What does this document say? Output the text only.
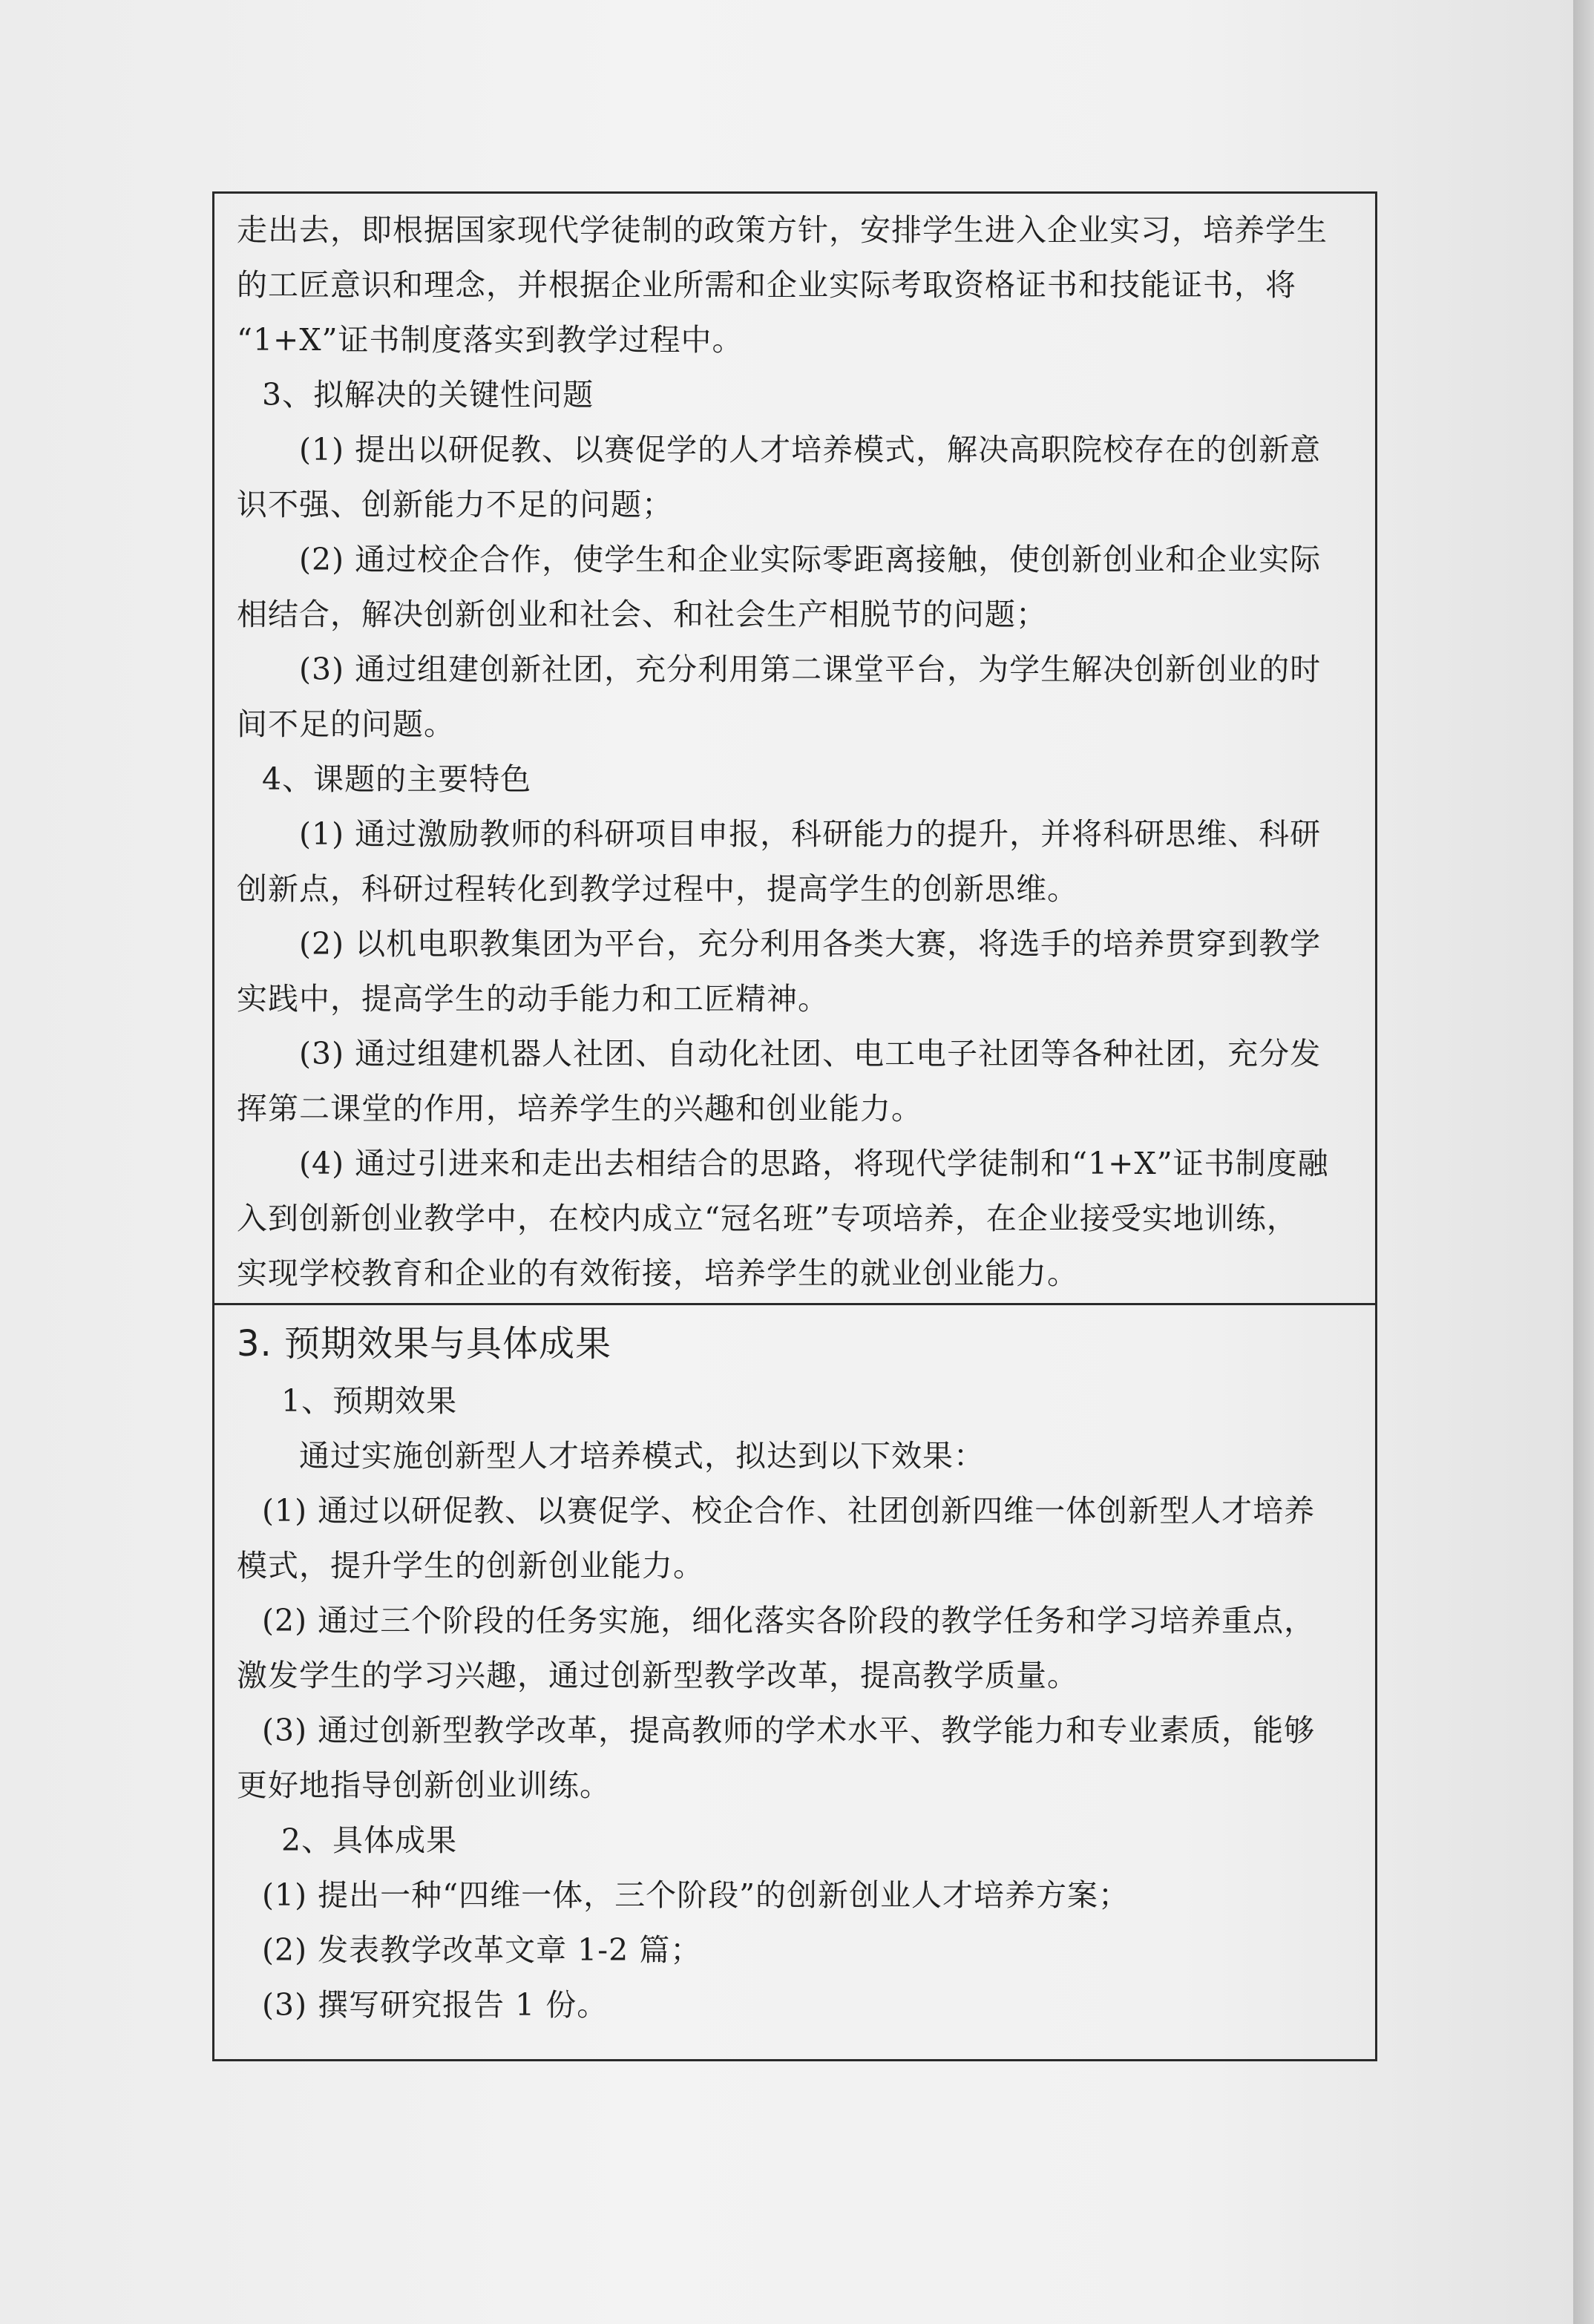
走出去，即根据国家现代学徒制的政策方针，安排学生进入企业实习，培养学生
的工匠意识和理念，并根据企业所需和企业实际考取资格证书和技能证书，将
“1+X”证书制度落实到教学过程中。
3、拟解决的关键性问题
(1) 提出以研促教、以赛促学的人才培养模式，解决高职院校存在的创新意
识不强、创新能力不足的问题；
(2) 通过校企合作，使学生和企业实际零距离接触，使创新创业和企业实际
相结合，解决创新创业和社会、和社会生产相脱节的问题；
(3) 通过组建创新社团，充分利用第二课堂平台，为学生解决创新创业的时
间不足的问题。
4、课题的主要特色
(1) 通过激励教师的科研项目申报，科研能力的提升，并将科研思维、科研
创新点，科研过程转化到教学过程中，提高学生的创新思维。
(2) 以机电职教集团为平台，充分利用各类大赛，将选手的培养贯穿到教学
实践中，提高学生的动手能力和工匠精神。
(3) 通过组建机器人社团、自动化社团、电工电子社团等各种社团，充分发
挥第二课堂的作用，培养学生的兴趣和创业能力。
(4) 通过引进来和走出去相结合的思路，将现代学徒制和“1+X”证书制度融
入到创新创业教学中，在校内成立“冠名班”专项培养，在企业接受实地训练，
实现学校教育和企业的有效衔接，培养学生的就业创业能力。
3. 预期效果与具体成果
1、预期效果
通过实施创新型人才培养模式，拟达到以下效果：
(1) 通过以研促教、以赛促学、校企合作、社团创新四维一体创新型人才培养
模式，提升学生的创新创业能力。
(2) 通过三个阶段的任务实施，细化落实各阶段的教学任务和学习培养重点，
激发学生的学习兴趣，通过创新型教学改革，提高教学质量。
(3) 通过创新型教学改革，提高教师的学术水平、教学能力和专业素质，能够
更好地指导创新创业训练。
2、具体成果
(1) 提出一种“四维一体，三个阶段”的创新创业人才培养方案；
(2) 发表教学改革文章 1-2 篇；
(3) 撰写研究报告 1 份。
